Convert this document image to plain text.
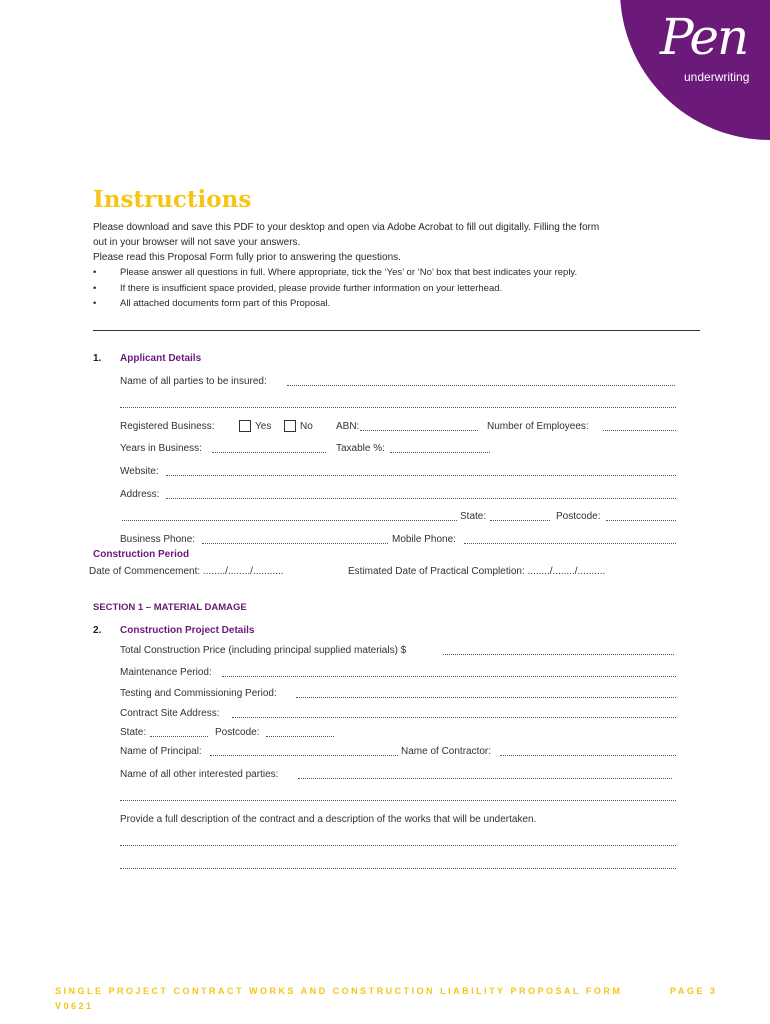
Pen
underwriting
Instructions
Please download and save this PDF to your desktop and open via Adobe Acrobat to fill out digitally. Filling the form
out in your browser will not save your answers.
Please read this Proposal Form fully prior to answering the questions.
• Please answer all questions in full. Where appropriate, tick the ‘Yes’ or ‘No’ box that best indicates your reply.
• If there is insufficient space provided, please provide further information on your letterhead.
• All attached documents form part of this Proposal.
1. Applicant Details
Name of all parties to be insured:
Registered Business:	Yes	No ABN:	Number of Employees:
Years in Business:	Taxable %:
Website:
Address:
State:	Postcode:
Business Phone:	Mobile Phone:
Construction Period
Date of Commencement: ......../......../...........	Estimated Date of Practical Completion: ......../......../..........
SECTION 1 – MATERIAL DAMAGE
2. Construction Project Details
Total Construction Price (including principal supplied materials) $
Maintenance Period:
Testing and Commissioning Period:
Contract Site Address:
State:	Postcode:
Name of Principal:	Name of Contractor:
Name of all other interested parties:
Provide a full description of the contract and a description of the works that will be undertaken.
SINGLE PROJECT CONTRACT WORKS AND CONSTRUCTION LIABILITY PROPOSAL FORM
V0621
PAGE 3
